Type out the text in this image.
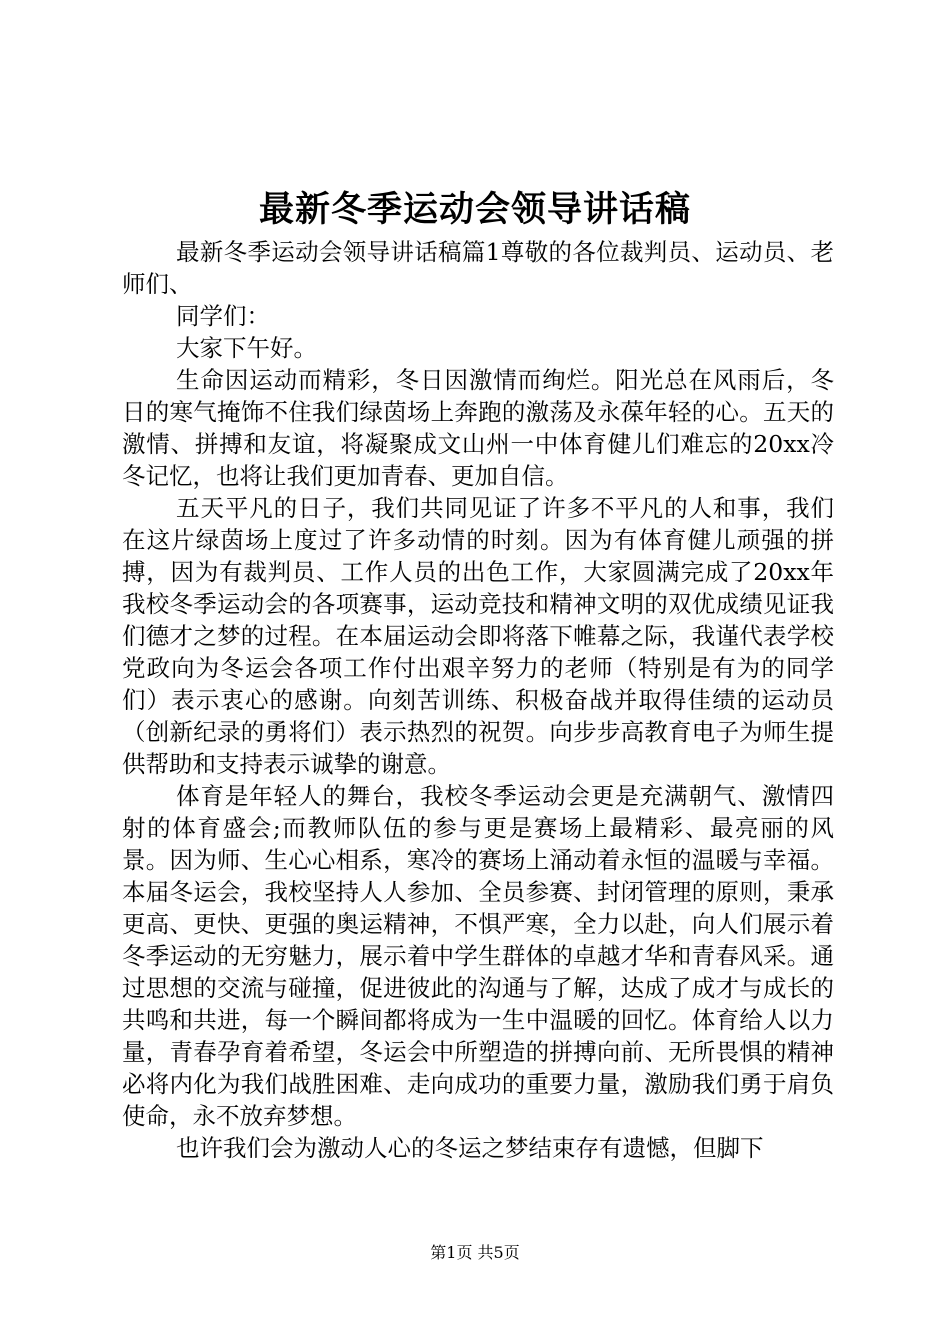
最新冬季运动会领导讲话稿

最新冬季运动会领导讲话稿篇1尊敬的各位裁判员、运动员、老师们、

同学们：

大家下午好。

生命因运动而精彩，冬日因激情而绚烂。阳光总在风雨后，冬日的寒气掩饰不住我们绿茵场上奔跑的激荡及永葆年轻的心。五天的激情、拼搏和友谊，将凝聚成文山州一中体育健儿们难忘的20xx冷冬记忆，也将让我们更加青春、更加自信。

五天平凡的日子，我们共同见证了许多不平凡的人和事，我们在这片绿茵场上度过了许多动情的时刻。因为有体育健儿顽强的拼搏，因为有裁判员、工作人员的出色工作，大家圆满完成了20xx年我校冬季运动会的各项赛事，运动竞技和精神文明的双优成绩见证我们德才之梦的过程。在本届运动会即将落下帷幕之际，我谨代表学校党政向为冬运会各项工作付出艰辛努力的老师（特别是有为的同学们）表示衷心的感谢。向刻苦训练、积极奋战并取得佳绩的运动员（创新纪录的勇将们）表示热烈的祝贺。向步步高教育电子为师生提供帮助和支持表示诚挚的谢意。

体育是年轻人的舞台，我校冬季运动会更是充满朝气、激情四射的体育盛会;而教师队伍的参与更是赛场上最精彩、最亮丽的风景。因为师、生心心相系，寒冷的赛场上涌动着永恒的温暖与幸福。本届冬运会，我校坚持人人参加、全员参赛、封闭管理的原则，秉承更高、更快、更强的奥运精神，不惧严寒，全力以赴，向人们展示着冬季运动的无穷魅力，展示着中学生群体的卓越才华和青春风采。通过思想的交流与碰撞，促进彼此的沟通与了解，达成了成才与成长的共鸣和共进，每一个瞬间都将成为一生中温暖的回忆。体育给人以力量，青春孕育着希望，冬运会中所塑造的拼搏向前、无所畏惧的精神必将内化为我们战胜困难、走向成功的重要力量，激励我们勇于肩负使命，永不放弃梦想。

也许我们会为激动人心的冬运之梦结束存有遗憾，但脚下

第1页 共5页
